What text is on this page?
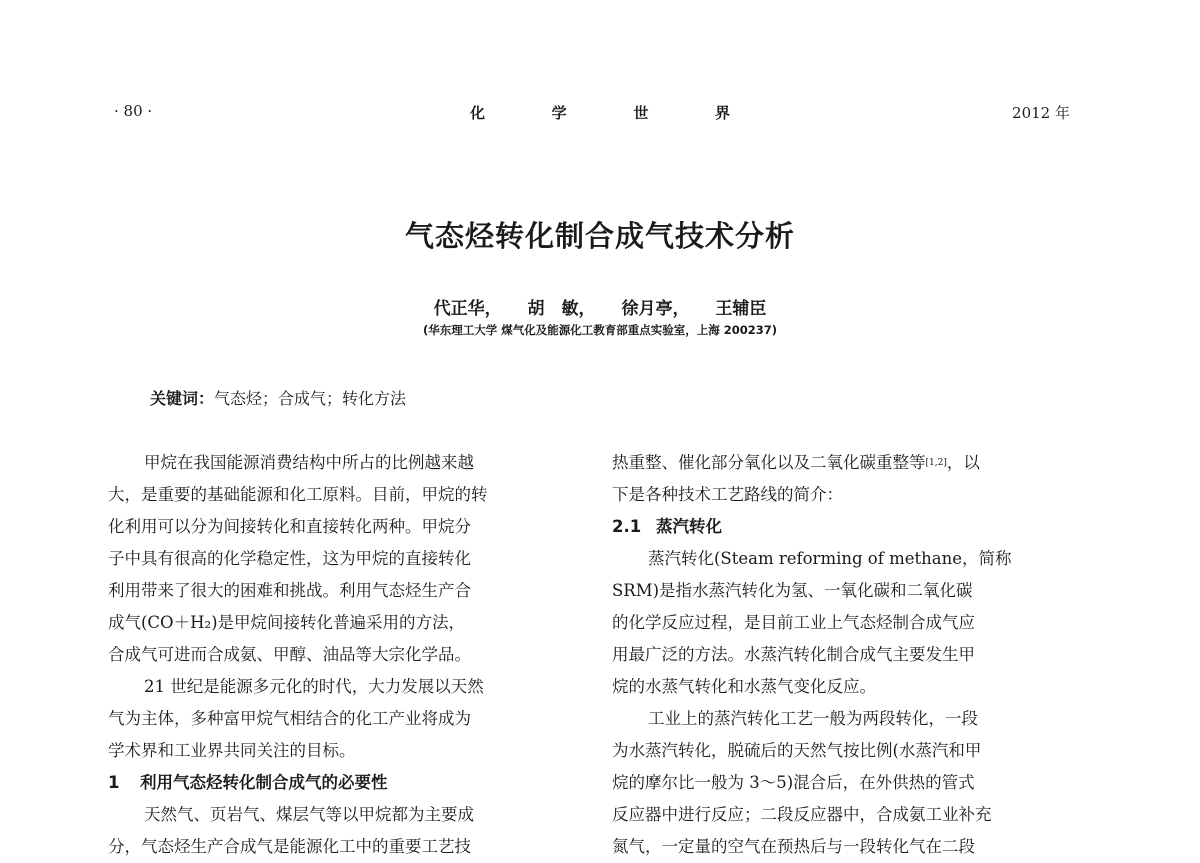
· 80 ·	化	学	世	界	2012 年
气态烃转化制合成气技术分析
代正华， 胡　敏， 徐月亭， 王辅臣
(华东理工大学 煤气化及能源化工教育部重点实验室，上海 200237)
关键词：气态烃；合成气；转化方法
甲烷在我国能源消费结构中所占的比例越来越
大，是重要的基础能源和化工原料。目前，甲烷的转
化利用可以分为间接转化和直接转化两种。甲烷分
子中具有很高的化学稳定性，这为甲烷的直接转化
利用带来了很大的困难和挑战。利用气态烃生产合
成气(CO＋H₂)是甲烷间接转化普遍采用的方法，
合成气可进而合成氨、甲醇、油品等大宗化学品。
21 世纪是能源多元化的时代，大力发展以天然
气为主体，多种富甲烷气相结合的化工产业将成为
学术界和工业界共同关注的目标。
1	利用气态烃转化制合成气的必要性
天然气、页岩气、煤层气等以甲烷都为主要成
分，气态烃生产合成气是能源化工中的重要工艺技
热重整、催化部分氧化以及二氧化碳重整等 [1,2] ，以
下是各种技术工艺路线的简介：
2.1 蒸汽转化
蒸汽转化(Steam reforming of methane，简称
SRM)是指水蒸汽转化为氢、一氧化碳和二氧化碳
的化学反应过程，是目前工业上气态烃制合成气应
用最广泛的方法。水蒸汽转化制合成气主要发生甲
烷的水蒸气转化和水蒸气变化反应。
工业上的蒸汽转化工艺一般为两段转化，一段
为水蒸汽转化，脱硫后的天然气按比例(水蒸汽和甲
烷的摩尔比一般为 3～5)混合后，在外供热的管式
反应器中进行反应；二段反应器中，合成氨工业补充
氮气，一定量的空气在预热后与一段转化气在二段
